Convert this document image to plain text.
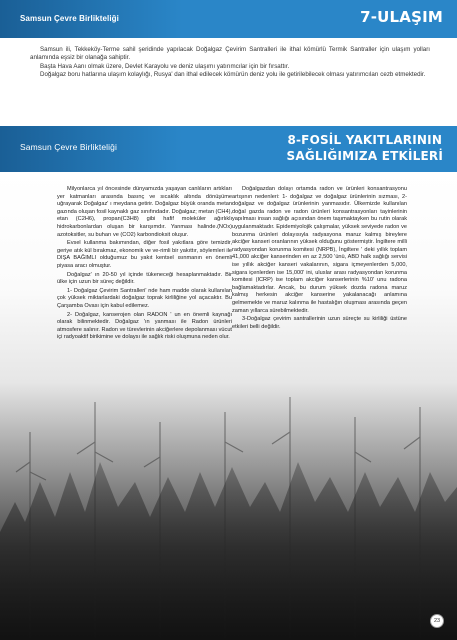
Samsun Çevre Birlikteliği	7-ULAŞIM

Samsun ili, Tekkeköy-Terme sahil şeridinde yapılacak Doğalgaz Çevirim Santralleri ile ithal kömürlü Termik Santraller için ulaşım yolları anlamında eşsiz bir olanağa sahiptir.

Başta Hava Aanı olmak üzere, Devlet Karayolu ve deniz ulaşımı yatırımcılar için bir fırsattır.

Doğalgaz boru hatlarına ulaşım kolaylığı, Rusya' dan ithal edilecek kömürün deniz yolu ile getirilebilecek olması yatırımcıları cezb etmektedir.

Samsun Çevre Birlikteliği	8-FOSİL YAKITLARININ
SAĞLIĞIMIZA ETKİLERİ

Milyonlarca yıl öncesinde dünyamızda yaşayan canlıların artıkları yer katmanları arasında basınç ve sıcaklık altında dönüşüme uğrayarak Doğalgaz' ı meydana getirir. Doğalgaz büyük oranda metan gazında oluşan fosil kaynaklı gaz sınıfındadır. Doğalgaz; metan (CH4), etan (C2H6), propan(C3H8) gibi hafif moleküler ağırlıklı hidrokarbonlardan oluşan bir karışımdır. Yanması halinde.(NOx) azotoksitler, su buharı ve (CO2) karbondioksit oluşur.

Evsel kullanma bakımından, diğer fosil yakıtlara göre temizdir, geriye atık kül bırakmaz, ekonomik ve ve-rimli bir yakıttır, söylemleri ile DIŞA BAĞIMLI olduğumuz bu yakıt kentsel ısınmanın en önemli piyasa aracı olmuştur.

Doğalgaz' ın 20-50 yıl içinde tükeneceği hesaplanmaktadır. Bir ülke için uzun bir süreç değildir.

1- Doğalgaz Çevirim Santralleri' nde ham madde olarak kullanılan çok yüksek miktarlardaki doğalgaz toprak kirliliğine yol açacaktır. Bu Çarşamba Ovası için kabul edilemez.

2- Doğalgaz, kanserojen olan RADON ' un en önemli kaynağı olarak bilinmektedir. Doğalgaz 'ın yanması ile Radon ürünleri atmosfere salınır. Radon ve türevlerinin akciğerlere depolanması vücut içi radyoaktif birikimine ve dolaysı ile sağlık riski oluşmuna neden olur.

Doğalgazdan dolayı ortamda radon ve ürünleri konsantrasyonu artışının nedenleri: 1- doğalgaz ve doğalgaz ürünlerinin sızması, 2-doğalgaz ve doğalgaz ürünlerinin yanmasıdır. Ülkemizde kullanılan doğal gazda radon ve radon ürünleri konsantrasyonları tayinlerinin yapılması insan sağlığı açısından önem taşımaktayken bu rutin olarak uygulanmaktadır. Epidemiyolojik çalışmalar, yüksek seviyede radon ve bozunma ürünleri dolayısıyla radyasyona maruz kalmış bireylere akciğer kanseri oranlarının yüksek olduğunu göstermiştir. İngiltere milli radyasyondan korunma komitesi (NRPB), İngiltere ' deki yıllık toplam 41,000 akciğer kanserinden en az 2,500 'ünü, ABD halk sağlığı servisi ise yıllık akciğer kanseri vakalarının, sigara içmeyenlerden 5,000, sigara içenlerden ise 15,000' ini, uluslar arası radyasyondan korunma komitesi (ICRP) ise toplam akciğer kanserlerinin %10' unu radona bağlamaktadırlar. Ancak, bu durum yüksek dozda radona maruz kalmış herkesin akciğer kanserine yakalanacağı anlamına gelmemekte ve maruz kalınma ile hastalığın oluşması arasında geçen zaman yıllarca sürebilmektedir.

3-Doğalgaz çevirim santrallerinin uzun süreçte su kirliliği üstüne etkileri belli değildir.

23
